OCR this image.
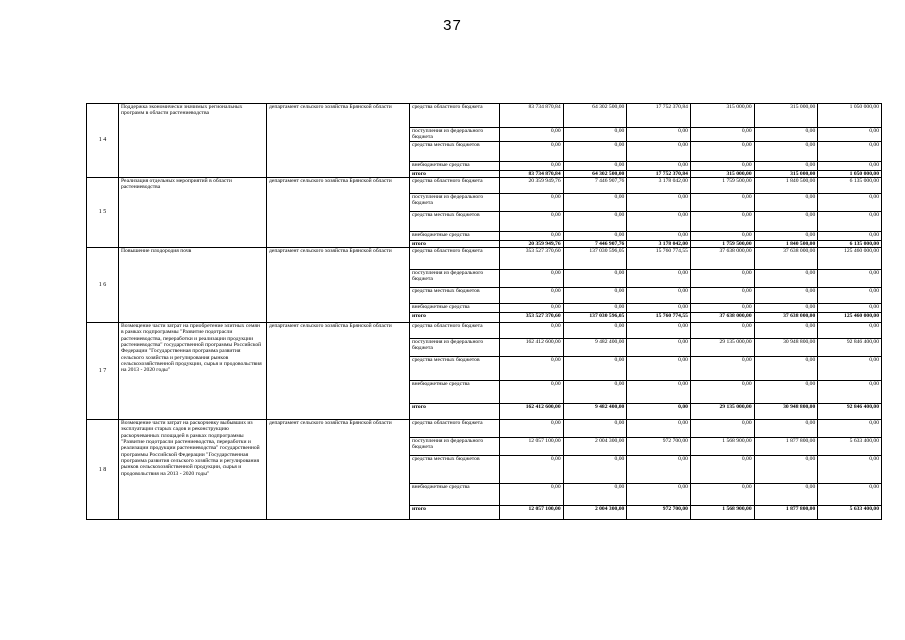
37
1 4	Поддержка экономически значимых региональных программ в области растениеводства	департамент сельского хозяйства Брянской области	средства областного бюджета	83 734 870,84	64 302 500,00	17 752 370,84	315 000,00	315 000,00	1 050 000,00
			поступления из федерального бюджета	0,00	0,00	0,00	0,00	0,00	0,00
			средства местных бюджетов	0,00	0,00	0,00	0,00	0,00	0,00
			внебюджетные средства	0,00	0,00	0,00	0,00	0,00	0,00
			итого	83 734 870,84	64 302 500,00	17 752 370,84	315 000,00	315 000,00	1 050 000,00
1 5	Реализация отдельных мероприятий в области растениеводства	департамент сельского хозяйства Брянской области	средства областного бюджета	20 359 949,76	7 446 907,76	3 178 042,00	1 759 500,00	1 840 500,00	6 135 000,00
			поступления из федерального бюджета	0,00	0,00	0,00	0,00	0,00	0,00
			средства местных бюджетов	0,00	0,00	0,00	0,00	0,00	0,00
			внебюджетные средства	0,00	0,00	0,00	0,00	0,00	0,00
			итого	20 359 949,76	7 446 907,76	3 178 042,00	1 759 500,00	1 840 500,00	6 135 000,00
1 6	Повышение плодородия почв	департамент сельского хозяйства Брянской области	средства областного бюджета	353 527 370,60	137 030 596,05	15 760 774,55	37 638 000,00	37 638 000,00	125 460 000,00
			поступления из федерального бюджета	0,00	0,00	0,00	0,00	0,00	0,00
			средства местных бюджетов	0,00	0,00	0,00	0,00	0,00	0,00
			внебюджетные средства	0,00	0,00	0,00	0,00	0,00	0,00
			итого	353 527 370,60	137 030 596,05	15 760 774,55	37 638 000,00	37 638 000,00	125 460 000,00
1 7	Возмещение части затрат на приобретение элитных семян в рамках подпрограммы "Развитие подотрасли растениеводства, переработки и реализации продукции растениеводства" государственной программы Российской Федерации "Государственная программа развития сельского хозяйства и регулирования рынков сельскохозяйственной продукции, сырья и продовольствия на 2013 - 2020 годы"	департамент сельского хозяйства Брянской области	средства областного бюджета	0,00	0,00	0,00	0,00	0,00	0,00
			поступления из федерального бюджета	162 412 600,00	9 482 400,00	0,00	29 135 000,00	30 948 800,00	92 846 400,00
			средства местных бюджетов	0,00	0,00	0,00	0,00	0,00	0,00
			внебюджетные средства	0,00	0,00	0,00	0,00	0,00	0,00
			итого	162 412 600,00	9 482 400,00	0,00	29 135 000,00	30 948 800,00	92 846 400,00
1 8	Возмещение части затрат на раскорчевку выбывших из эксплуатации старых садов и реконструкцию раскорчеванных площадей в рамках подпрограммы "Развитие подотрасли растениеводства, переработки и реализации продукции растениеводства" государственной программы Российской Федерации "Государственная программа развития сельского хозяйства и регулирования рынков сельскохозяйственной продукции, сырья и продовольствия на 2013 - 2020 годы"	департамент сельского хозяйства Брянской области	средства областного бюджета	0,00	0,00	0,00	0,00	0,00	0,00
			поступления из федерального бюджета	12 057 100,00	2 004 300,00	972 700,00	1 568 900,00	1 877 800,00	5 633 400,00
			средства местных бюджетов	0,00	0,00	0,00	0,00	0,00	0,00
			внебюджетные средства	0,00	0,00	0,00	0,00	0,00	0,00
			итого	12 057 100,00	2 004 300,00	972 700,00	1 568 900,00	1 877 800,00	5 633 400,00
